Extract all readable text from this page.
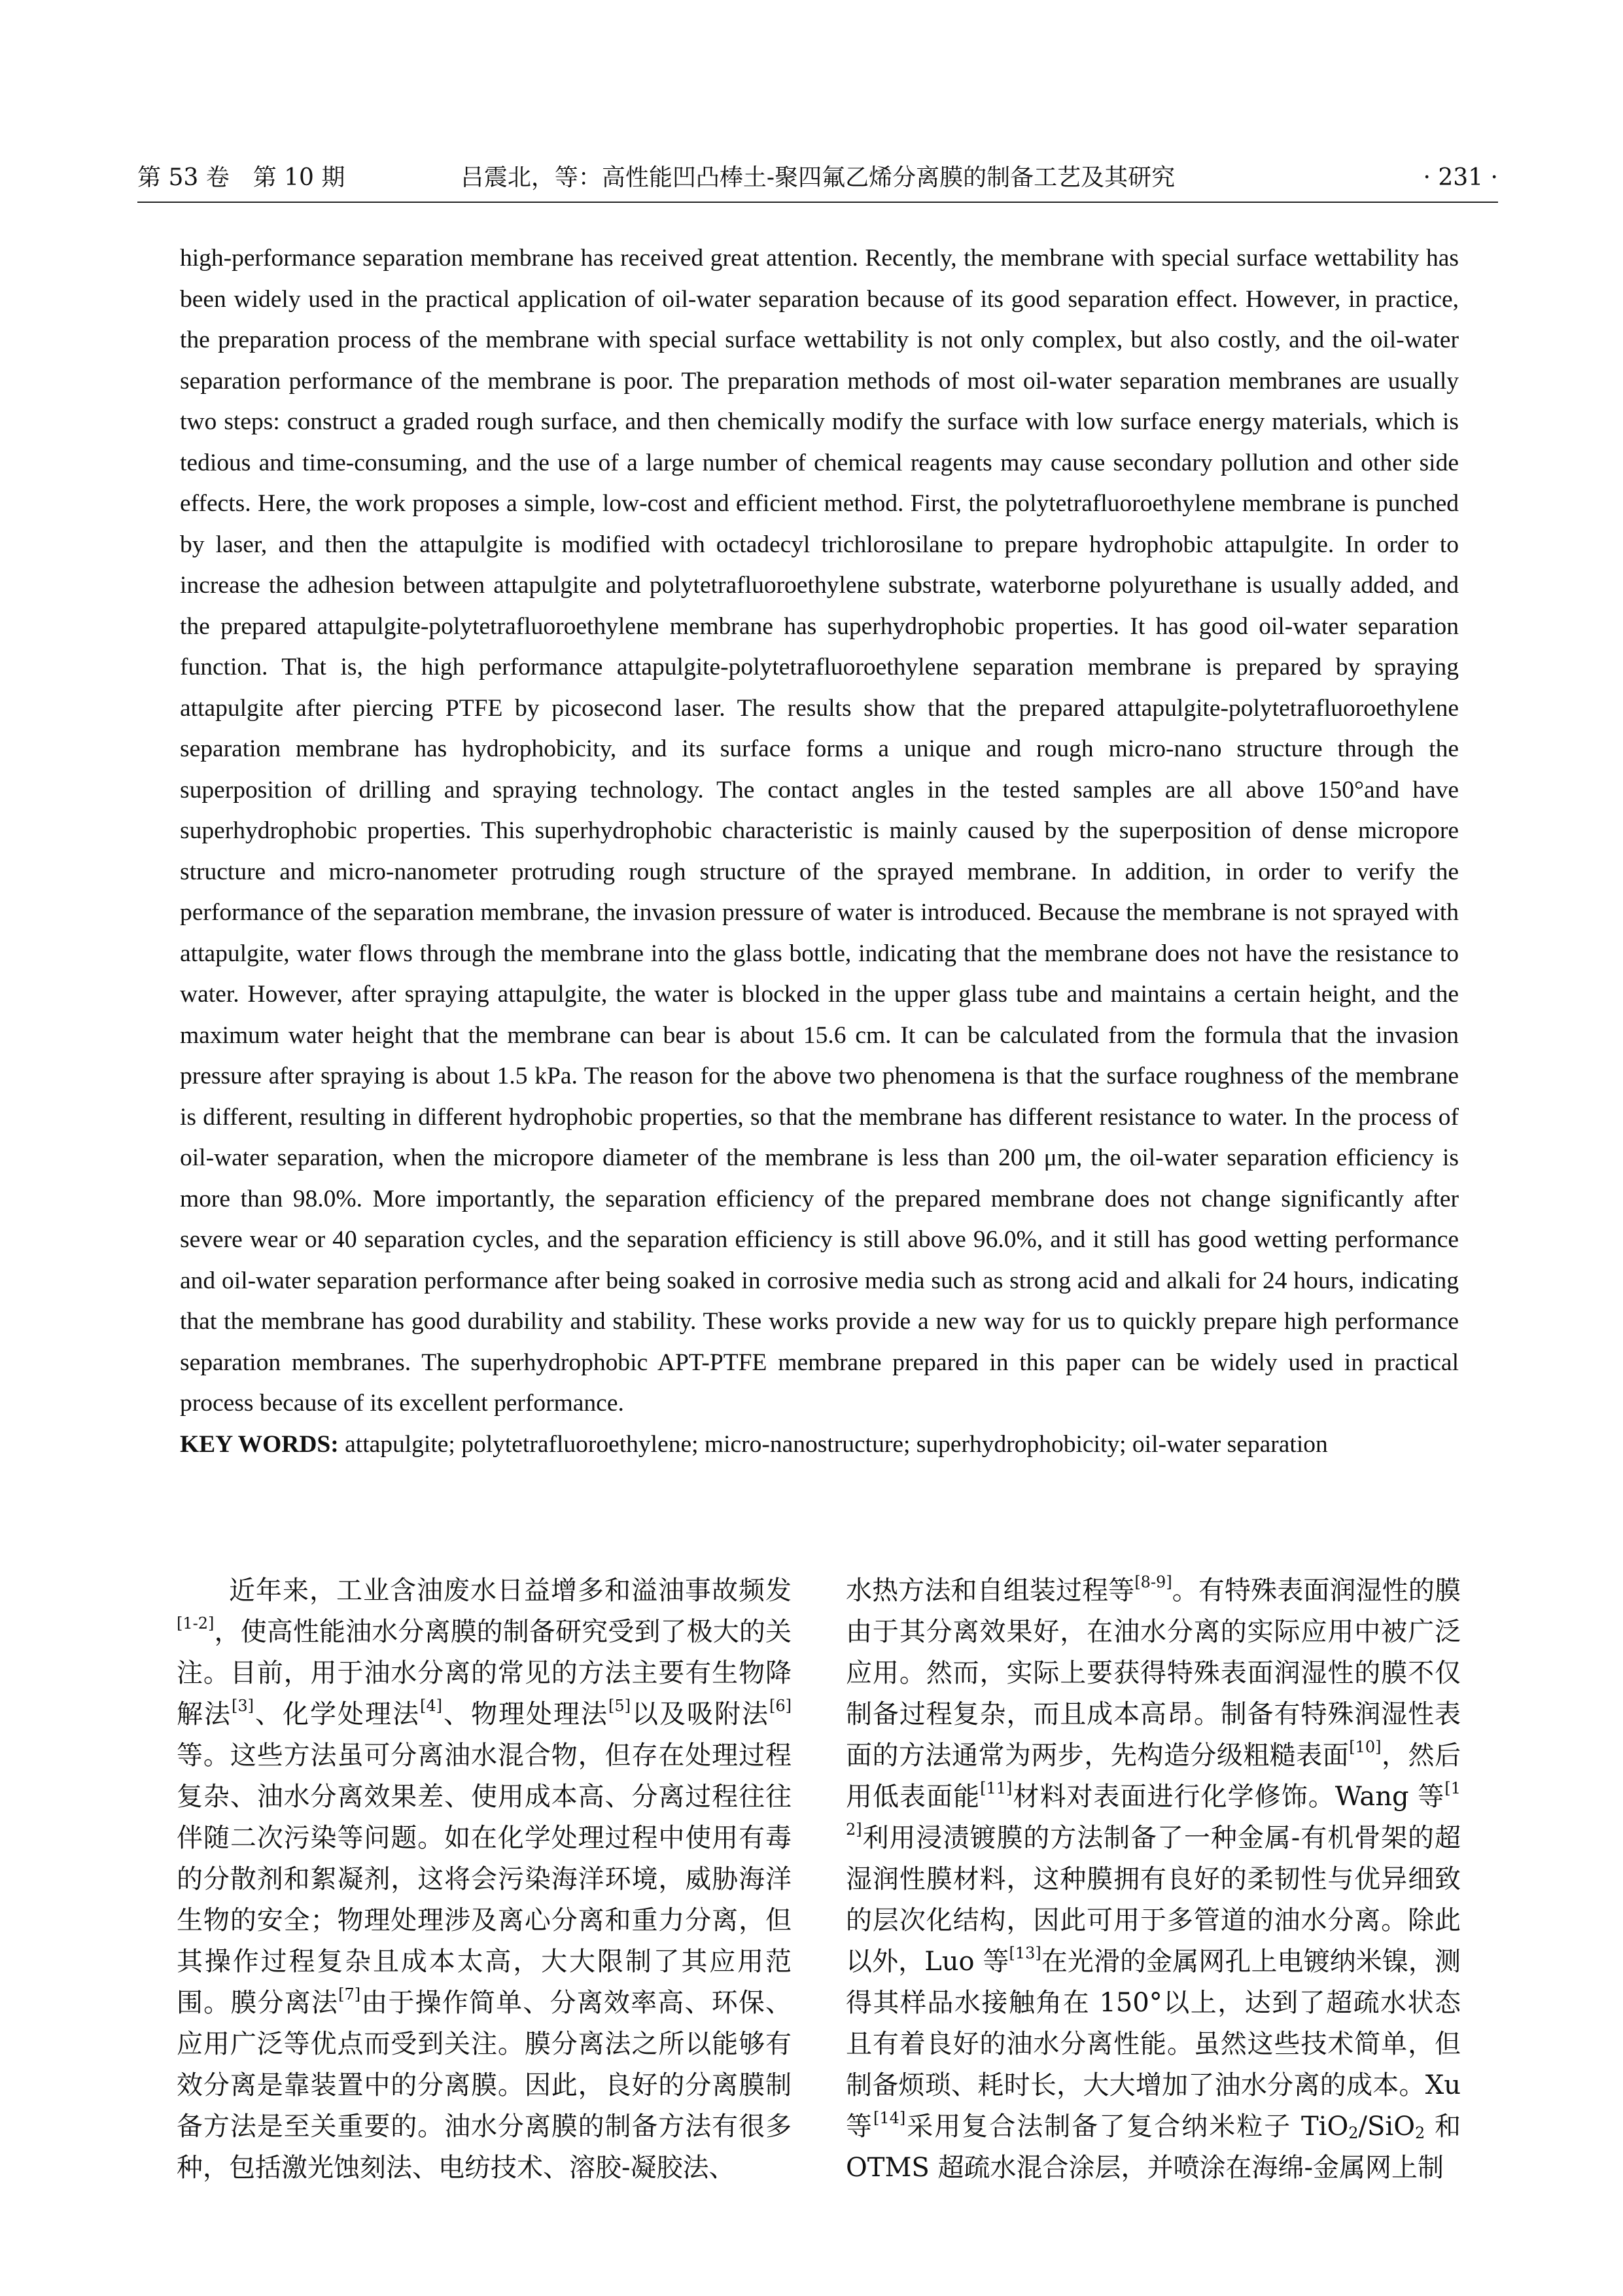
第 53 卷　第 10 期	吕震北，等：高性能凹凸棒土-聚四氟乙烯分离膜的制备工艺及其研究	· 231 ·

high-performance separation membrane has received great attention. Recently, the membrane with special surface wettability has been widely used in the practical application of oil-water separation because of its good separation effect. However, in practice, the preparation process of the membrane with special surface wettability is not only complex, but also costly, and the oil-water separation performance of the membrane is poor. The preparation methods of most oil-water separation membranes are usually two steps: construct a graded rough surface, and then chemically modify the surface with low surface energy materials, which is tedious and time-consuming, and the use of a large number of chemical reagents may cause secondary pollution and other side effects. Here, the work proposes a simple, low-cost and efficient method. First, the polytetrafluoroethylene membrane is punched by laser, and then the attapulgite is modified with octadecyl trichlorosilane to prepare hydrophobic attapulgite. In order to increase the adhesion between attapulgite and polytetrafluoroethylene substrate, waterborne polyurethane is usually added, and the prepared attapulgite-polytetrafluoroethylene membrane has superhydrophobic properties. It has good oil-water separation function. That is, the high performance attapulgite-polytetrafluoroethylene separation membrane is prepared by spraying attapulgite after piercing PTFE by picosecond laser. The results show that the prepared attapulgite-polytetrafluoroethylene separation membrane has hydrophobicity, and its surface forms a unique and rough micro-nano structure through the superposition of drilling and spraying technology. The contact angles in the tested samples are all above 150°and have superhydrophobic properties. This superhydrophobic characteristic is mainly caused by the superposition of dense micropore structure and micro-nanometer protruding rough structure of the sprayed membrane. In addition, in order to verify the performance of the separation membrane, the invasion pressure of water is introduced. Because the membrane is not sprayed with attapulgite, water flows through the membrane into the glass bottle, indicating that the membrane does not have the resistance to water. However, after spraying attapulgite, the water is blocked in the upper glass tube and maintains a certain height, and the maximum water height that the membrane can bear is about 15.6 cm. It can be calculated from the formula that the invasion pressure after spraying is about 1.5 kPa. The reason for the above two phenomena is that the surface roughness of the membrane is different, resulting in different hydrophobic properties, so that the membrane has different resistance to water. In the process of oil-water separation, when the micropore diameter of the membrane is less than 200 μm, the oil-water separation efficiency is more than 98.0%. More importantly, the separation efficiency of the prepared membrane does not change significantly after severe wear or 40 separation cycles, and the separation efficiency is still above 96.0%, and it still has good wetting performance and oil-water separation performance after being soaked in corrosive media such as strong acid and alkali for 24 hours, indicating that the membrane has good durability and stability. These works provide a new way for us to quickly prepare high performance separation membranes. The superhydrophobic APT-PTFE membrane prepared in this paper can be widely used in practical process because of its excellent performance.

KEY WORDS: attapulgite; polytetrafluoroethylene; micro-nanostructure; superhydrophobicity; oil-water separation

近年来，工业含油废水日益增多和溢油事故频发[1-2]，使高性能油水分离膜的制备研究受到了极大的关注。目前，用于油水分离的常见的方法主要有生物降解法[3]、化学处理法[4]、物理处理法[5]以及吸附法[6]等。这些方法虽可分离油水混合物，但存在处理过程复杂、油水分离效果差、使用成本高、分离过程往往伴随二次污染等问题。如在化学处理过程中使用有毒的分散剂和絮凝剂，这将会污染海洋环境，威胁海洋生物的安全；物理处理涉及离心分离和重力分离，但其操作过程复杂且成本太高，大大限制了其应用范围。膜分离法[7]由于操作简单、分离效率高、环保、应用广泛等优点而受到关注。膜分离法之所以能够有效分离是靠装置中的分离膜。因此，良好的分离膜制备方法是至关重要的。油水分离膜的制备方法有很多种，包括激光蚀刻法、电纺技术、溶胶-凝胶法、

水热方法和自组装过程等[8-9]。有特殊表面润湿性的膜由于其分离效果好，在油水分离的实际应用中被广泛应用。然而，实际上要获得特殊表面润湿性的膜不仅制备过程复杂，而且成本高昂。制备有特殊润湿性表面的方法通常为两步，先构造分级粗糙表面[10]，然后用低表面能[11]材料对表面进行化学修饰。Wang 等[12]利用浸渍镀膜的方法制备了一种金属-有机骨架的超湿润性膜材料，这种膜拥有良好的柔韧性与优异细致的层次化结构，因此可用于多管道的油水分离。除此以外，Luo 等[13]在光滑的金属网孔上电镀纳米镍，测得其样品水接触角在 150°以上，达到了超疏水状态且有着良好的油水分离性能。虽然这些技术简单，但制备烦琐、耗时长，大大增加了油水分离的成本。Xu 等[14]采用复合法制备了复合纳米粒子 TiO$_2$/SiO$_2$ 和 OTMS 超疏水混合涂层，并喷涂在海绵-金属网上制
